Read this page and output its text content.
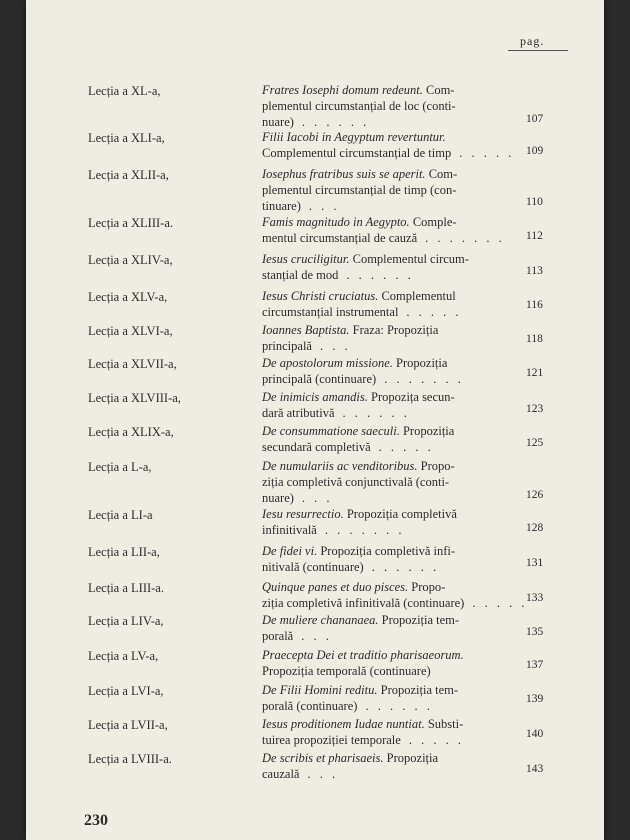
pag.
Lecția a XL-a,	Fratres Iosephi domum redeunt. Com-
plementul circumstanțial de loc (conti-
nuare) . . . . . .	107
Lecția a XLI-a,	Filii Iacobi in Aegyptum revertuntur.
Complementul circumstanțial de timp . . . . .	109
Lecția a XLII-a,	Iosephus fratribus suis se aperit. Com-
plementul circumstanțial de timp (con-
tinuare) . . .	110
Lecția a XLIII-a.	Famis magnitudo in Aegypto. Comple-
mentul circumstanțial de cauză . . . . . . .	112
Lecția a XLIV-a,	Iesus cruciligitur. Complementul circum-
stanțial de mod . . . . . .	113
Lecția a XLV-a,	Iesus Christi cruciatus. Complementul
circumstanțial instrumental . . . . .	116
Lecția a XLVI-a,	Ioannes Baptista. Fraza: Propoziția
principală . . .	118
Lecția a XLVII-a,	De apostolorum missione. Propoziția
principală (continuare) . . . . . . .	121
Lecția a XLVIII-a,	De inimicis amandis. Propozița secun-
dară atributivă . . . . . .	123
Lecția a XLIX-a,	De consummatione saeculi. Propoziția
secundară completivă . . . . .	125
Lecția a L-a,	De numulariis ac venditoribus. Propo-
ziția completivă conjunctivală (conti-
nuare) . . .	126
Lecția a LI-a	Iesu resurrectio. Propoziția completivă
infinitivală . . . . . . .	128
Lecția a LII-a,	De fidei vi. Propoziția completivă infi-
nitivală (continuare) . . . . . .	131
Lecția a LIII-a.	Quinque panes et duo pisces. Propo-
ziția completivă infinitivală (continuare) . . . . .
133
Lecția a LIV-a,	De muliere chananaea. Propoziția tem-
porală . . .	135
Lecția a LV-a,	Praecepta Dei et traditio pharisaeorum.
Propoziția temporală (continuare)	137
Lecția a LVI-a,	De Filii Homini reditu. Propoziția tem-
porală (continuare) . . . . . .	139
Lecția a LVII-a,	Iesus proditionem Iudae nuntiat. Substi-
tuirea propoziției temporale . . . . .	140
Lecția a LVIII-a.	De scribis et pharisaeis. Propoziția
cauzală . . .	143
230
